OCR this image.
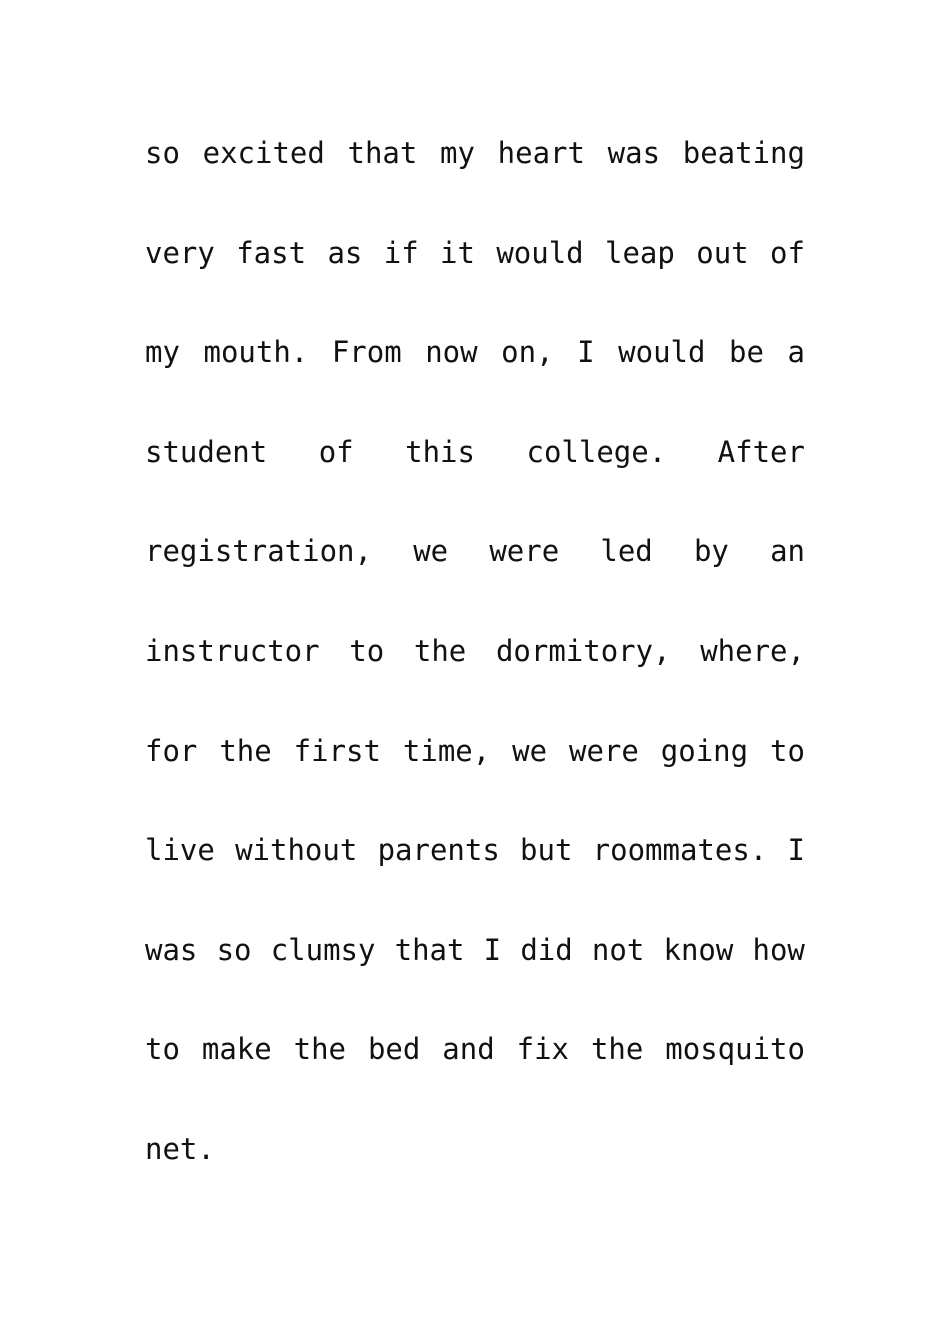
so excited that my heart was beating
very fast as if it would leap out of
my mouth. From now on, I would be a
student of this college. After
registration, we were led by an
instructor to the dormitory, where,
for the first time, we were going to
live without parents but roommates. I
was so clumsy that I did not know how
to make the bed and fix the mosquito
net.
